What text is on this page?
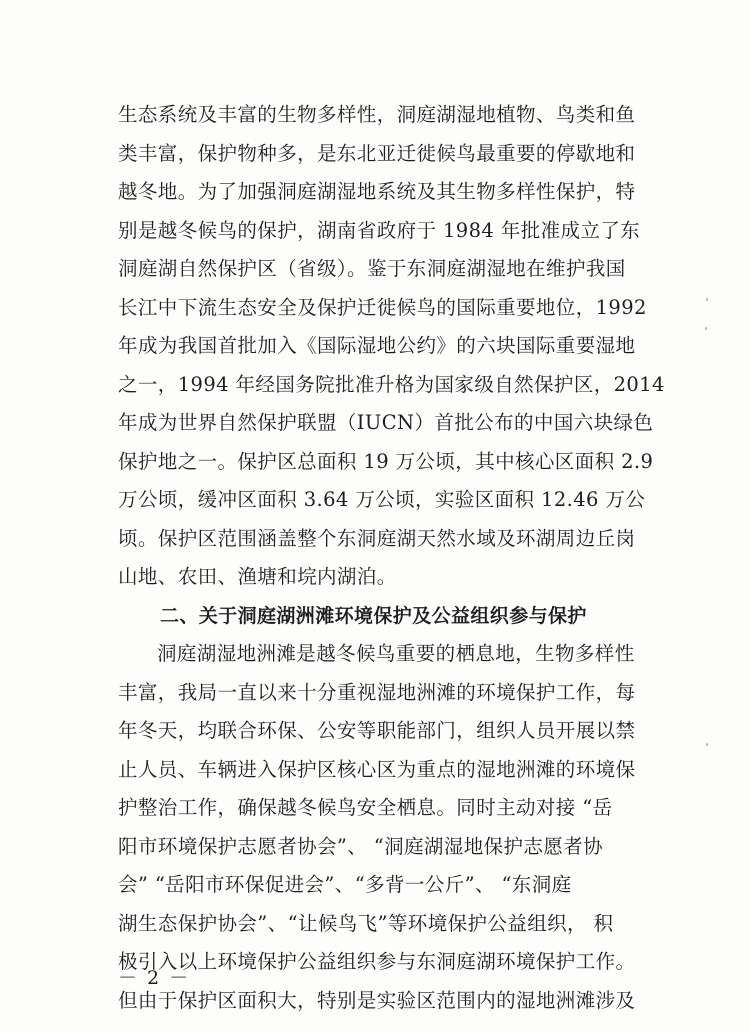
生态系统及丰富的生物多样性，洞庭湖湿地植物、鸟类和鱼
类丰富，保护物种多，是东北亚迁徙候鸟最重要的停歇地和
越冬地。为了加强洞庭湖湿地系统及其生物多样性保护，特
别是越冬候鸟的保护，湖南省政府于 1984 年批准成立了东
洞庭湖自然保护区（省级）。鉴于东洞庭湖湿地在维护我国
长江中下流生态安全及保护迁徙候鸟的国际重要地位，1992
年成为我国首批加入《国际湿地公约》的六块国际重要湿地
之一，1994 年经国务院批准升格为国家级自然保护区，2014
年成为世界自然保护联盟（IUCN）首批公布的中国六块绿色
保护地之一。保护区总面积 19 万公顷，其中核心区面积 2.9
万公顷，缓冲区面积 3.64 万公顷，实验区面积 12.46 万公
顷。保护区范围涵盖整个东洞庭湖天然水域及环湖周边丘岗
山地、农田、渔塘和垸内湖泊。
二、关于洞庭湖洲滩环境保护及公益组织参与保护
洞庭湖湿地洲滩是越冬候鸟重要的栖息地，生物多样性
丰富，我局一直以来十分重视湿地洲滩的环境保护工作，每
年冬天，均联合环保、公安等职能部门，组织人员开展以禁
止人员、车辆进入保护区核心区为重点的湿地洲滩的环境保
护整治工作，确保越冬候鸟安全栖息。同时主动对接 “岳
阳市环境保护志愿者协会”、 “洞庭湖湿地保护志愿者协
会” “岳阳市环保促进会”、“多背一公斤”、 “东洞庭
湖生态保护协会”、“让候鸟飞”等环境保护公益组织， 积
极引入以上环境保护公益组织参与东洞庭湖环境保护工作。
但由于保护区面积大，特别是实验区范围内的湿地洲滩涉及
－ 2 －
